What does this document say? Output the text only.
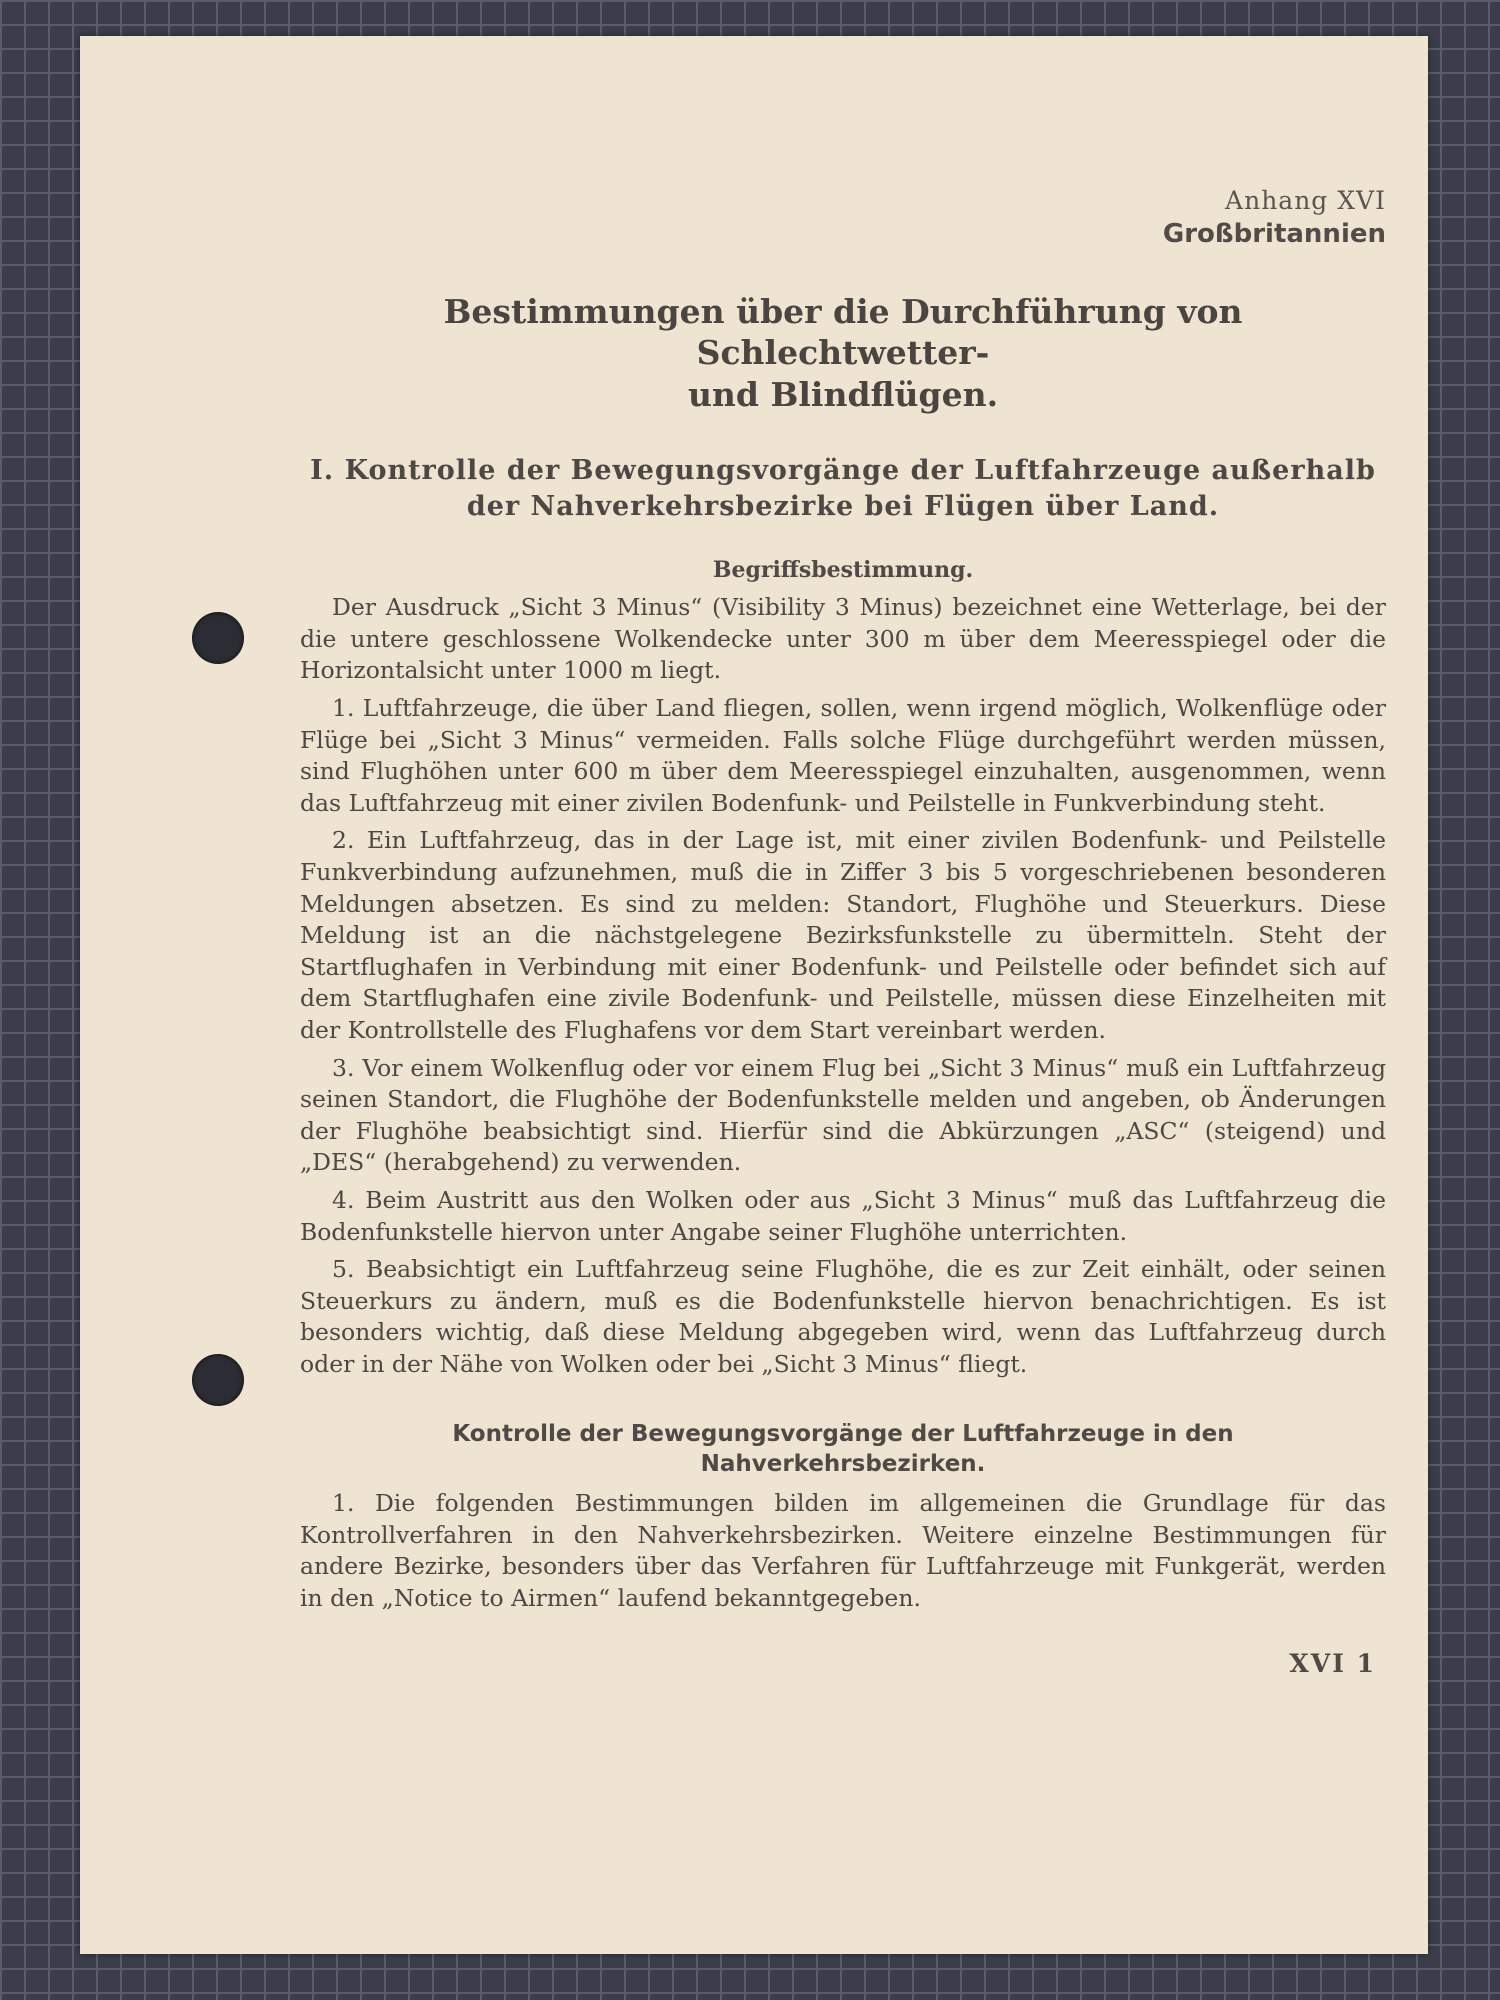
Anhang XVI
Großbritannien
Bestimmungen über die Durchführung von Schlechtwetter-
und Blindflügen.
I. Kontrolle der Bewegungsvorgänge der Luftfahrzeuge außerhalb
der Nahverkehrsbezirke bei Flügen über Land.
Begriffsbestimmung.

Der Ausdruck „Sicht 3 Minus“ (Visibility 3 Minus) bezeichnet eine Wetterlage, bei der die untere geschlossene Wolkendecke unter 300 m über dem Meeresspiegel oder die Horizontalsicht unter 1000 m liegt.

1. Luftfahrzeuge, die über Land fliegen, sollen, wenn irgend möglich, Wolkenflüge oder Flüge bei „Sicht 3 Minus“ vermeiden. Falls solche Flüge durchgeführt werden müssen, sind Flughöhen unter 600 m über dem Meeresspiegel einzuhalten, ausgenommen, wenn das Luftfahrzeug mit einer zivilen Bodenfunk- und Peilstelle in Funkverbindung steht.

2. Ein Luftfahrzeug, das in der Lage ist, mit einer zivilen Bodenfunk- und Peilstelle Funkverbindung aufzunehmen, muß die in Ziffer 3 bis 5 vorgeschriebenen besonderen Meldungen absetzen. Es sind zu melden: Standort, Flughöhe und Steuerkurs. Diese Meldung ist an die nächstgelegene Bezirksfunkstelle zu übermitteln. Steht der Startflughafen in Verbindung mit einer Bodenfunk- und Peilstelle oder befindet sich auf dem Startflughafen eine zivile Bodenfunk- und Peilstelle, müssen diese Einzelheiten mit der Kontrollstelle des Flughafens vor dem Start vereinbart werden.

3. Vor einem Wolkenflug oder vor einem Flug bei „Sicht 3 Minus“ muß ein Luftfahrzeug seinen Standort, die Flughöhe der Bodenfunkstelle melden und angeben, ob Änderungen der Flughöhe beabsichtigt sind. Hierfür sind die Abkürzungen „ASC“ (steigend) und „DES“ (herabgehend) zu verwenden.

4. Beim Austritt aus den Wolken oder aus „Sicht 3 Minus“ muß das Luftfahrzeug die Bodenfunkstelle hiervon unter Angabe seiner Flughöhe unterrichten.

5. Beabsichtigt ein Luftfahrzeug seine Flughöhe, die es zur Zeit einhält, oder seinen Steuerkurs zu ändern, muß es die Bodenfunkstelle hiervon benachrichtigen. Es ist besonders wichtig, daß diese Meldung abgegeben wird, wenn das Luftfahrzeug durch oder in der Nähe von Wolken oder bei „Sicht 3 Minus“ fliegt.

Kontrolle der Bewegungsvorgänge der Luftfahrzeuge in den
Nahverkehrsbezirken.

1. Die folgenden Bestimmungen bilden im allgemeinen die Grundlage für das Kontrollverfahren in den Nahverkehrsbezirken. Weitere einzelne Bestimmungen für andere Bezirke, besonders über das Verfahren für Luftfahrzeuge mit Funkgerät, werden in den „Notice to Airmen“ laufend bekanntgegeben.

XVI 1
